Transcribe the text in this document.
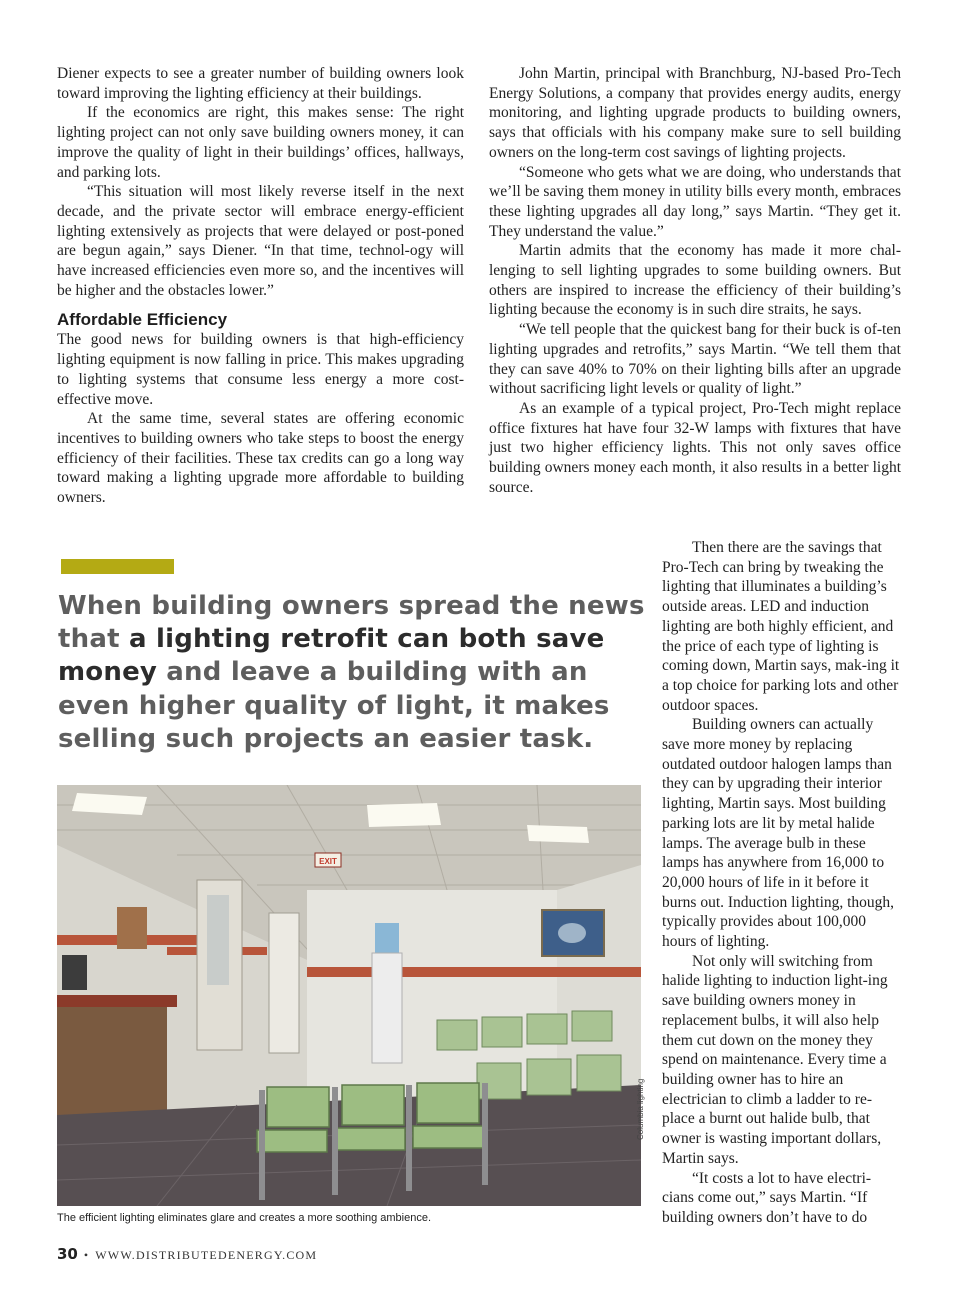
Diener expects to see a greater number of building owners look toward improving the lighting efficiency at their buildings.

If the economics are right, this makes sense: The right lighting project can not only save building owners money, it can improve the quality of light in their buildings’ offices, hallways, and parking lots.

“This situation will most likely reverse itself in the next decade, and the private sector will embrace energy-efficient lighting extensively as projects that were delayed or post-poned are begun again,” says Diener. “In that time, technol-ogy will have increased efficiencies even more so, and the incentives will be higher and the obstacles lower.”

Affordable Efficiency

The good news for building owners is that high-efficiency lighting equipment is now falling in price. This makes upgrading to lighting systems that consume less energy a more cost-effective move.

At the same time, several states are offering economic incentives to building owners who take steps to boost the energy efficiency of their facilities. These tax credits can go a long way toward making a lighting upgrade more affordable to building owners.

John Martin, principal with Branchburg, NJ-based Pro-Tech Energy Solutions, a company that provides energy audits, energy monitoring, and lighting upgrade products to building owners, says that officials with his company make sure to sell building owners on the long-term cost savings of lighting projects.

“Someone who gets what we are doing, who understands that we’ll be saving them money in utility bills every month, embraces these lighting upgrades all day long,” says Martin. “They get it. They understand the value.”

Martin admits that the economy has made it more chal-lenging to sell lighting upgrades to some building owners. But others are inspired to increase the efficiency of their building’s lighting because the economy is in such dire straits, he says.

“We tell people that the quickest bang for their buck is of-ten lighting upgrades and retrofits,” says Martin. “We tell them that they can save 40% to 70% on their lighting bills after an upgrade without sacrificing light levels or quality of light.”

As an example of a typical project, Pro-Tech might replace office fixtures hat have four 32-W lamps with fixtures that have just two higher efficiency lights. This not only saves office building owners money each month, it also results in a better light source.

Then there are the savings that Pro-Tech can bring by tweaking the lighting that illuminates a building’s outside areas. LED and induction lighting are both highly efficient, and the price of each type of lighting is coming down, Martin says, mak-ing it a top choice for parking lots and other outdoor spaces.

Building owners can actually save more money by replacing outdated outdoor halogen lamps than they can by upgrading their interior lighting, Martin says. Most building parking lots are lit by metal halide lamps. The average bulb in these lamps has anywhere from 16,000 to 20,000 hours of life in it before it burns out. Induction lighting, though, typically provides about 100,000 hours of lighting.

Not only will switching from halide lighting to induction light-ing save building owners money in replacement bulbs, it will also help them cut down on the money they spend on maintenance. Every time a building owner has to hire an electrician to climb a ladder to re-place a burnt out halide bulb, that owner is wasting important dollars, Martin says.

“It costs a lot to have electri-cians come out,” says Martin. “If building owners don’t have to do

When building owners spread the news that a lighting retrofit can both save money and leave a building with an even higher quality of light, it makes selling such projects an easier task.
EXIT
Columbia lighting
The efficient lighting eliminates glare and creates a more soothing ambience.
30 • WWW.DISTRIBUTEDENERGY.COM
